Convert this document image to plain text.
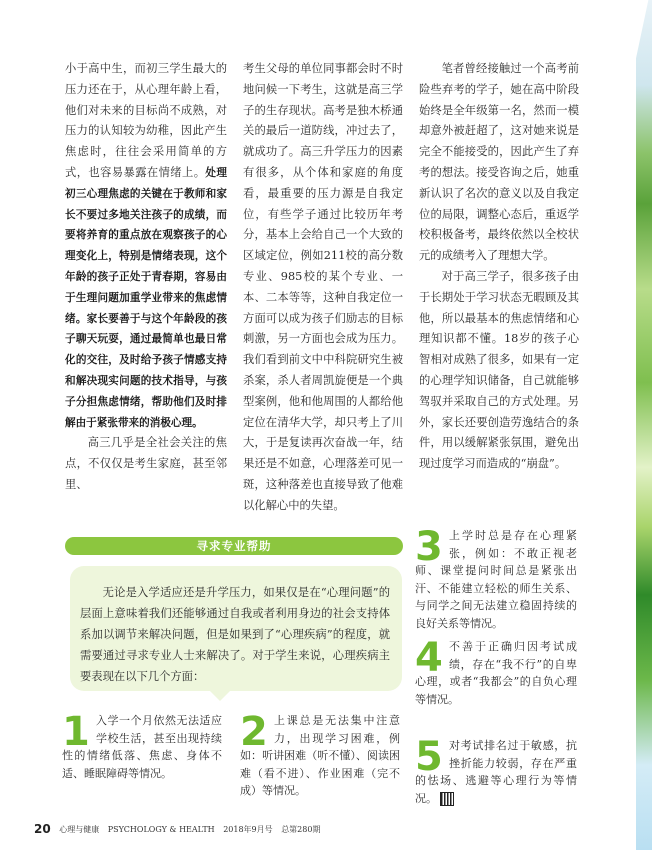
小于高中生，而初三学生最大的压力还在于，从心理年龄上看，他们对未来的目标尚不成熟，对压力的认知较为幼稚，因此产生焦虑时，往往会采用简单的方式，也容易暴露在情绪上。处理初三心理焦虑的关键在于教师和家长不要过多地关注孩子的成绩，而要将养育的重点放在观察孩子的心理变化上，特别是情绪表现，这个年龄的孩子正处于青春期，容易由于生理问题加重学业带来的焦虑情绪。家长要善于与这个年龄段的孩子聊天玩耍，通过最简单也最日常化的交往，及时给予孩子情感支持和解决现实问题的技术指导，与孩子分担焦虑情绪，帮助他们及时排解由于紧张带来的消极心理。

高三几乎是全社会关注的焦点，不仅仅是考生家庭，甚至邻里、

考生父母的单位同事都会时不时地问候一下考生，这就是高三学子的生存现状。高考是独木桥通关的最后一道防线，冲过去了，就成功了。高三升学压力的因素有很多，从个体和家庭的角度看，最重要的压力源是自我定位，有些学子通过比较历年考分，基本上会给自己一个大致的区域定位，例如211校的高分数专业、985校的某个专业、一本、二本等等，这种自我定位一方面可以成为孩子们励志的目标刺激，另一方面也会成为压力。我们看到前文中中科院研究生被杀案，杀人者周凯旋便是一个典型案例，他和他周围的人都给他定位在清华大学，却只考上了川大，于是复读再次奋战一年，结果还是不如意，心理落差可见一斑，这种落差也直接导致了他难以化解心中的失望。

笔者曾经接触过一个高考前险些弃考的学子，她在高中阶段始终是全年级第一名，然而一模却意外被赶超了，这对她来说是完全不能接受的，因此产生了弃考的想法。接受咨询之后，她重新认识了名次的意义以及自我定位的局限，调整心态后，重返学校积极备考，最终依然以全校状元的成绩考入了理想大学。

对于高三学子，很多孩子由于长期处于学习状态无暇顾及其他，所以最基本的焦虑情绪和心理知识都不懂。18岁的孩子心智相对成熟了很多，如果有一定的心理学知识储备，自己就能够驾驭并采取自己的方式处理。另外，家长还要创造劳逸结合的条件，用以缓解紧张氛围，避免出现过度学习而造成的“崩盘”。

寻求专业帮助

无论是入学适应还是升学压力，如果仅是在“心理问题”的层面上意味着我们还能够通过自我或者利用身边的社会支持体系加以调节来解决问题，但是如果到了“心理疾病”的程度，就需要通过寻求专业人士来解决了。对于学生来说，心理疾病主要表现在以下几个方面：

1 入学一个月依然无法适应学校生活，甚至出现持续性的情绪低落、焦虑、身体不适、睡眠障碍等情况。
2 上课总是无法集中注意力，出现学习困难，例如：听讲困难（听不懂）、阅读困难（看不进）、作业困难（完不成）等情况。
3 上学时总是存在心理紧张，例如：不敢正视老师、课堂提问时间总是紧张出汗、不能建立轻松的师生关系、与同学之间无法建立稳固持续的良好关系等情况。
4 不善于正确归因考试成绩，存在“我不行”的自卑心理，或者“我都会”的自负心理等情况。
5 对考试排名过于敏感，抗挫折能力较弱，存在严重的怯场、逃避等心理行为等情况。
20 心理与健康 PSYCHOLOGY & HEALTH 2018年9月号 总第280期
